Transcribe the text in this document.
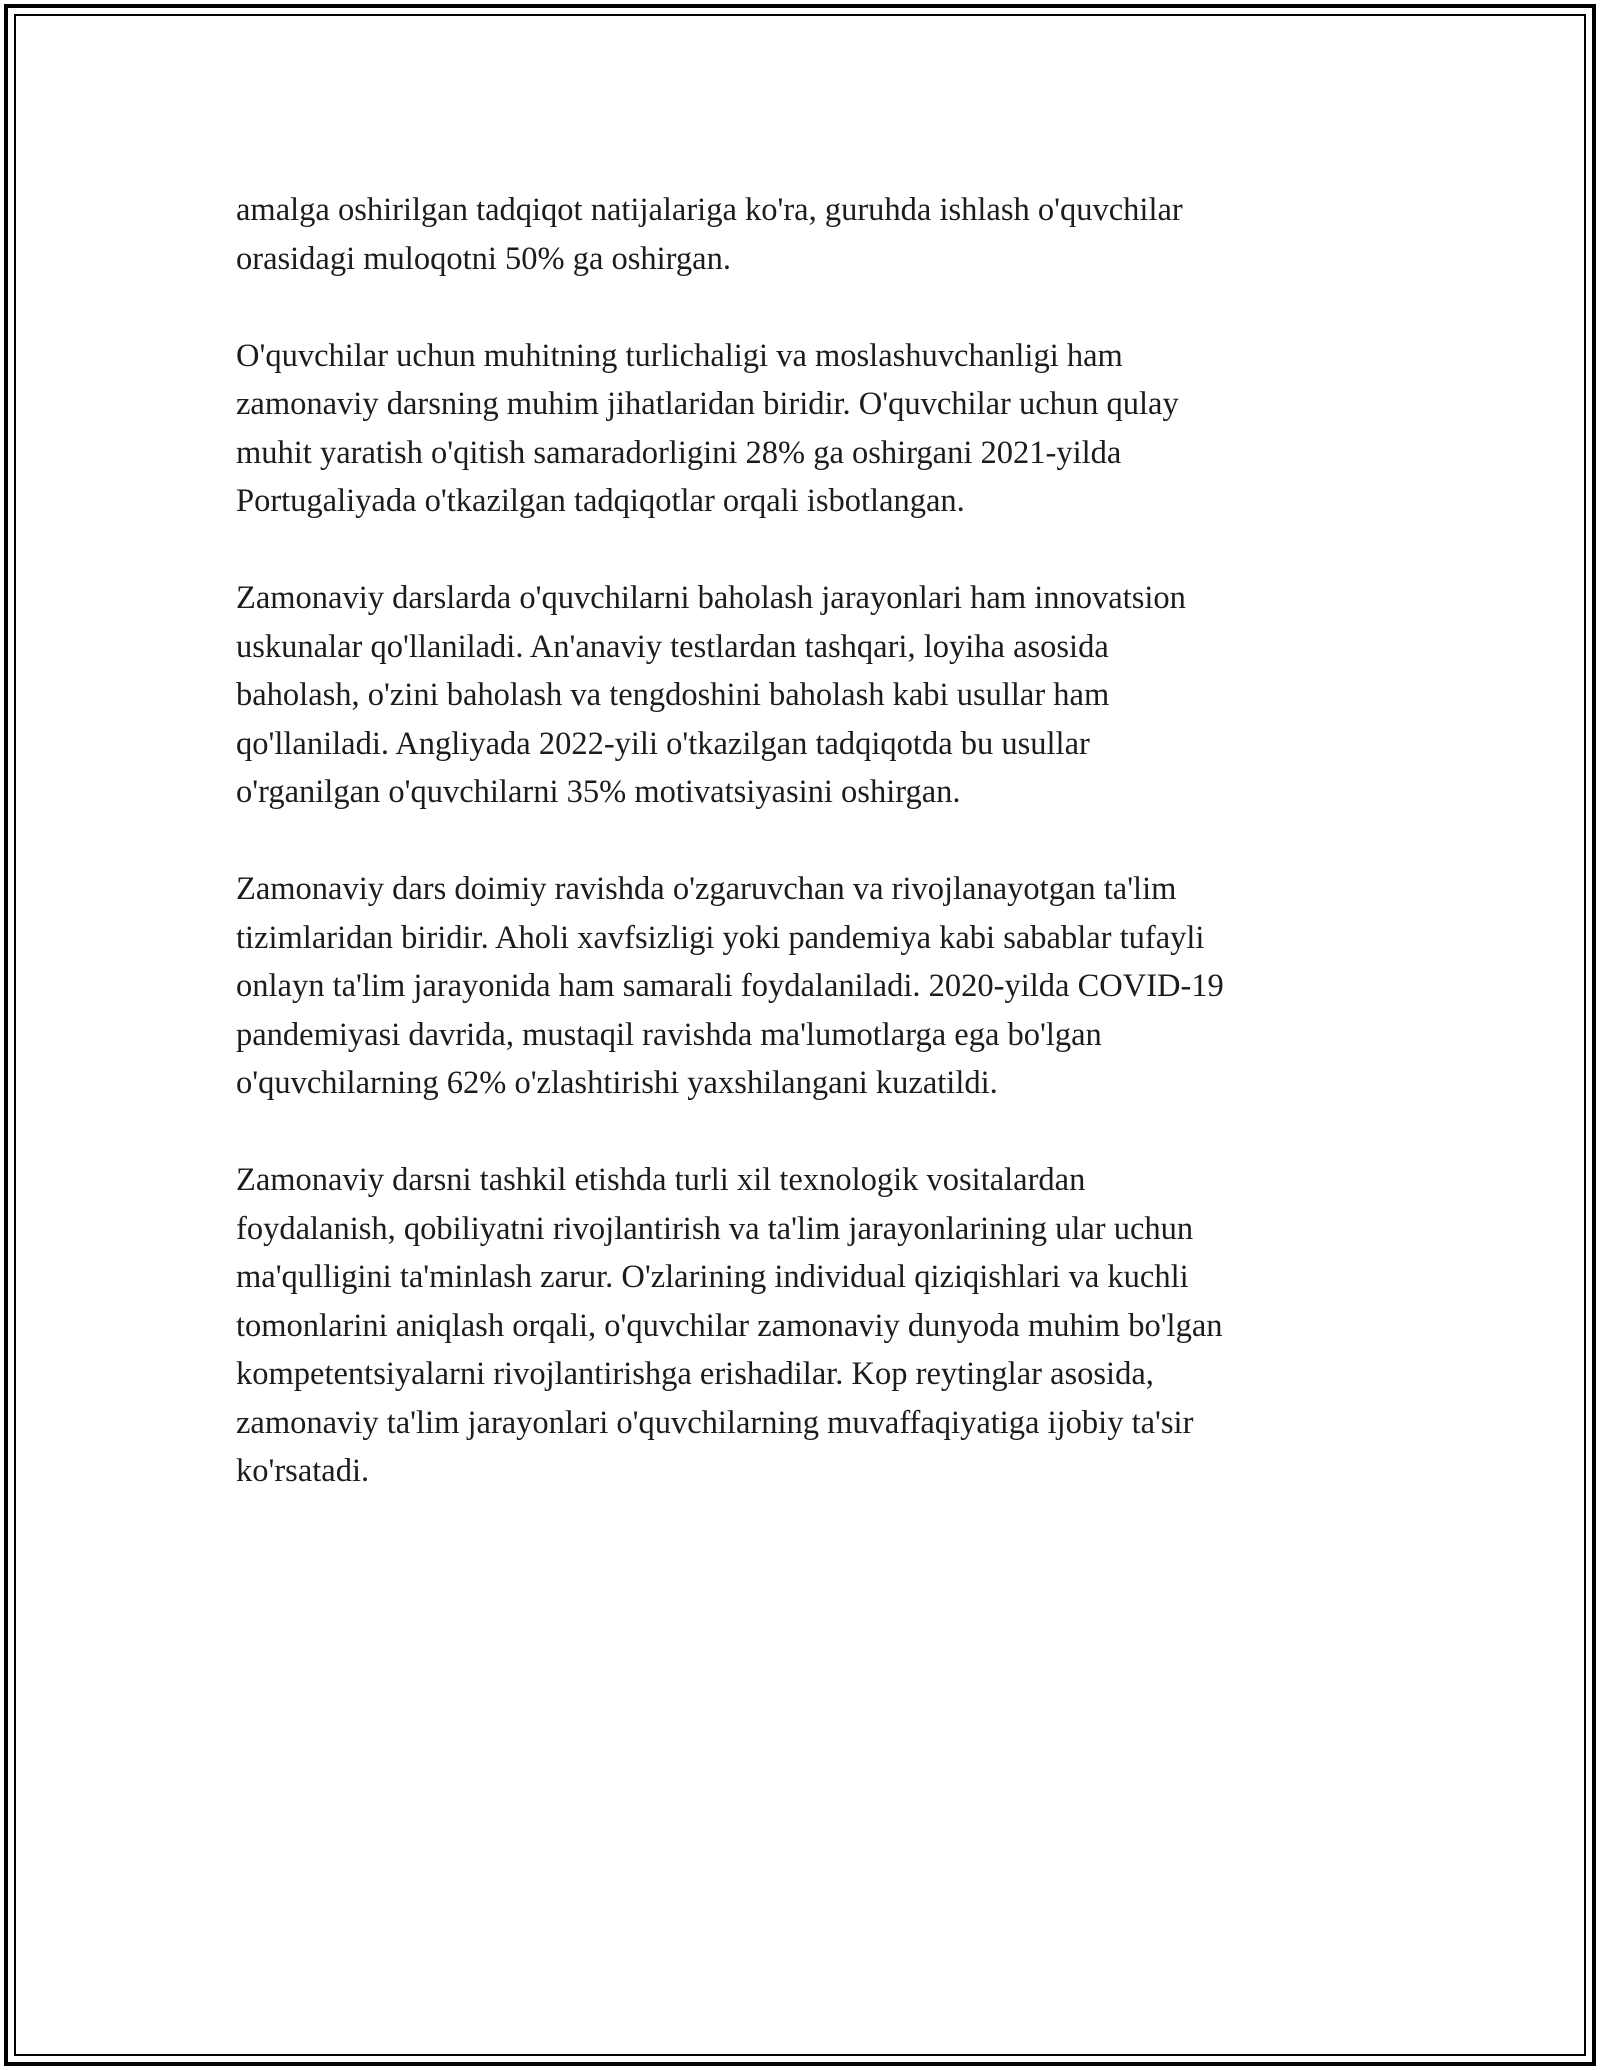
amalga oshirilgan tadqiqot natijalariga ko'ra, guruhda ishlash o'quvchilar
orasidagi muloqotni 50% ga oshirgan.

O'quvchilar uchun muhitning turlichaligi va moslashuvchanligi ham
zamonaviy darsning muhim jihatlaridan biridir. O'quvchilar uchun qulay
muhit yaratish o'qitish samaradorligini 28% ga oshirgani 2021-yilda
Portugaliyada o'tkazilgan tadqiqotlar orqali isbotlangan.

Zamonaviy darslarda o'quvchilarni baholash jarayonlari ham innovatsion
uskunalar qo'llaniladi. An'anaviy testlardan tashqari, loyiha asosida
baholash, o'zini baholash va tengdoshini baholash kabi usullar ham
qo'llaniladi. Angliyada 2022-yili o'tkazilgan tadqiqotda bu usullar
o'rganilgan o'quvchilarni 35% motivatsiyasini oshirgan.

Zamonaviy dars doimiy ravishda o'zgaruvchan va rivojlanayotgan ta'lim
tizimlaridan biridir. Aholi xavfsizligi yoki pandemiya kabi sabablar tufayli
onlayn ta'lim jarayonida ham samarali foydalaniladi. 2020-yilda COVID-19
pandemiyasi davrida, mustaqil ravishda ma'lumotlarga ega bo'lgan
o'quvchilarning 62% o'zlashtirishi yaxshilangani kuzatildi.

Zamonaviy darsni tashkil etishda turli xil texnologik vositalardan
foydalanish, qobiliyatni rivojlantirish va ta'lim jarayonlarining ular uchun
ma'qulligini ta'minlash zarur. O'zlarining individual qiziqishlari va kuchli
tomonlarini aniqlash orqali, o'quvchilar zamonaviy dunyoda muhim bo'lgan
kompetentsiyalarni rivojlantirishga erishadilar. Kop reytinglar asosida,
zamonaviy ta'lim jarayonlari o'quvchilarning muvaffaqiyatiga ijobiy ta'sir
ko'rsatadi.
